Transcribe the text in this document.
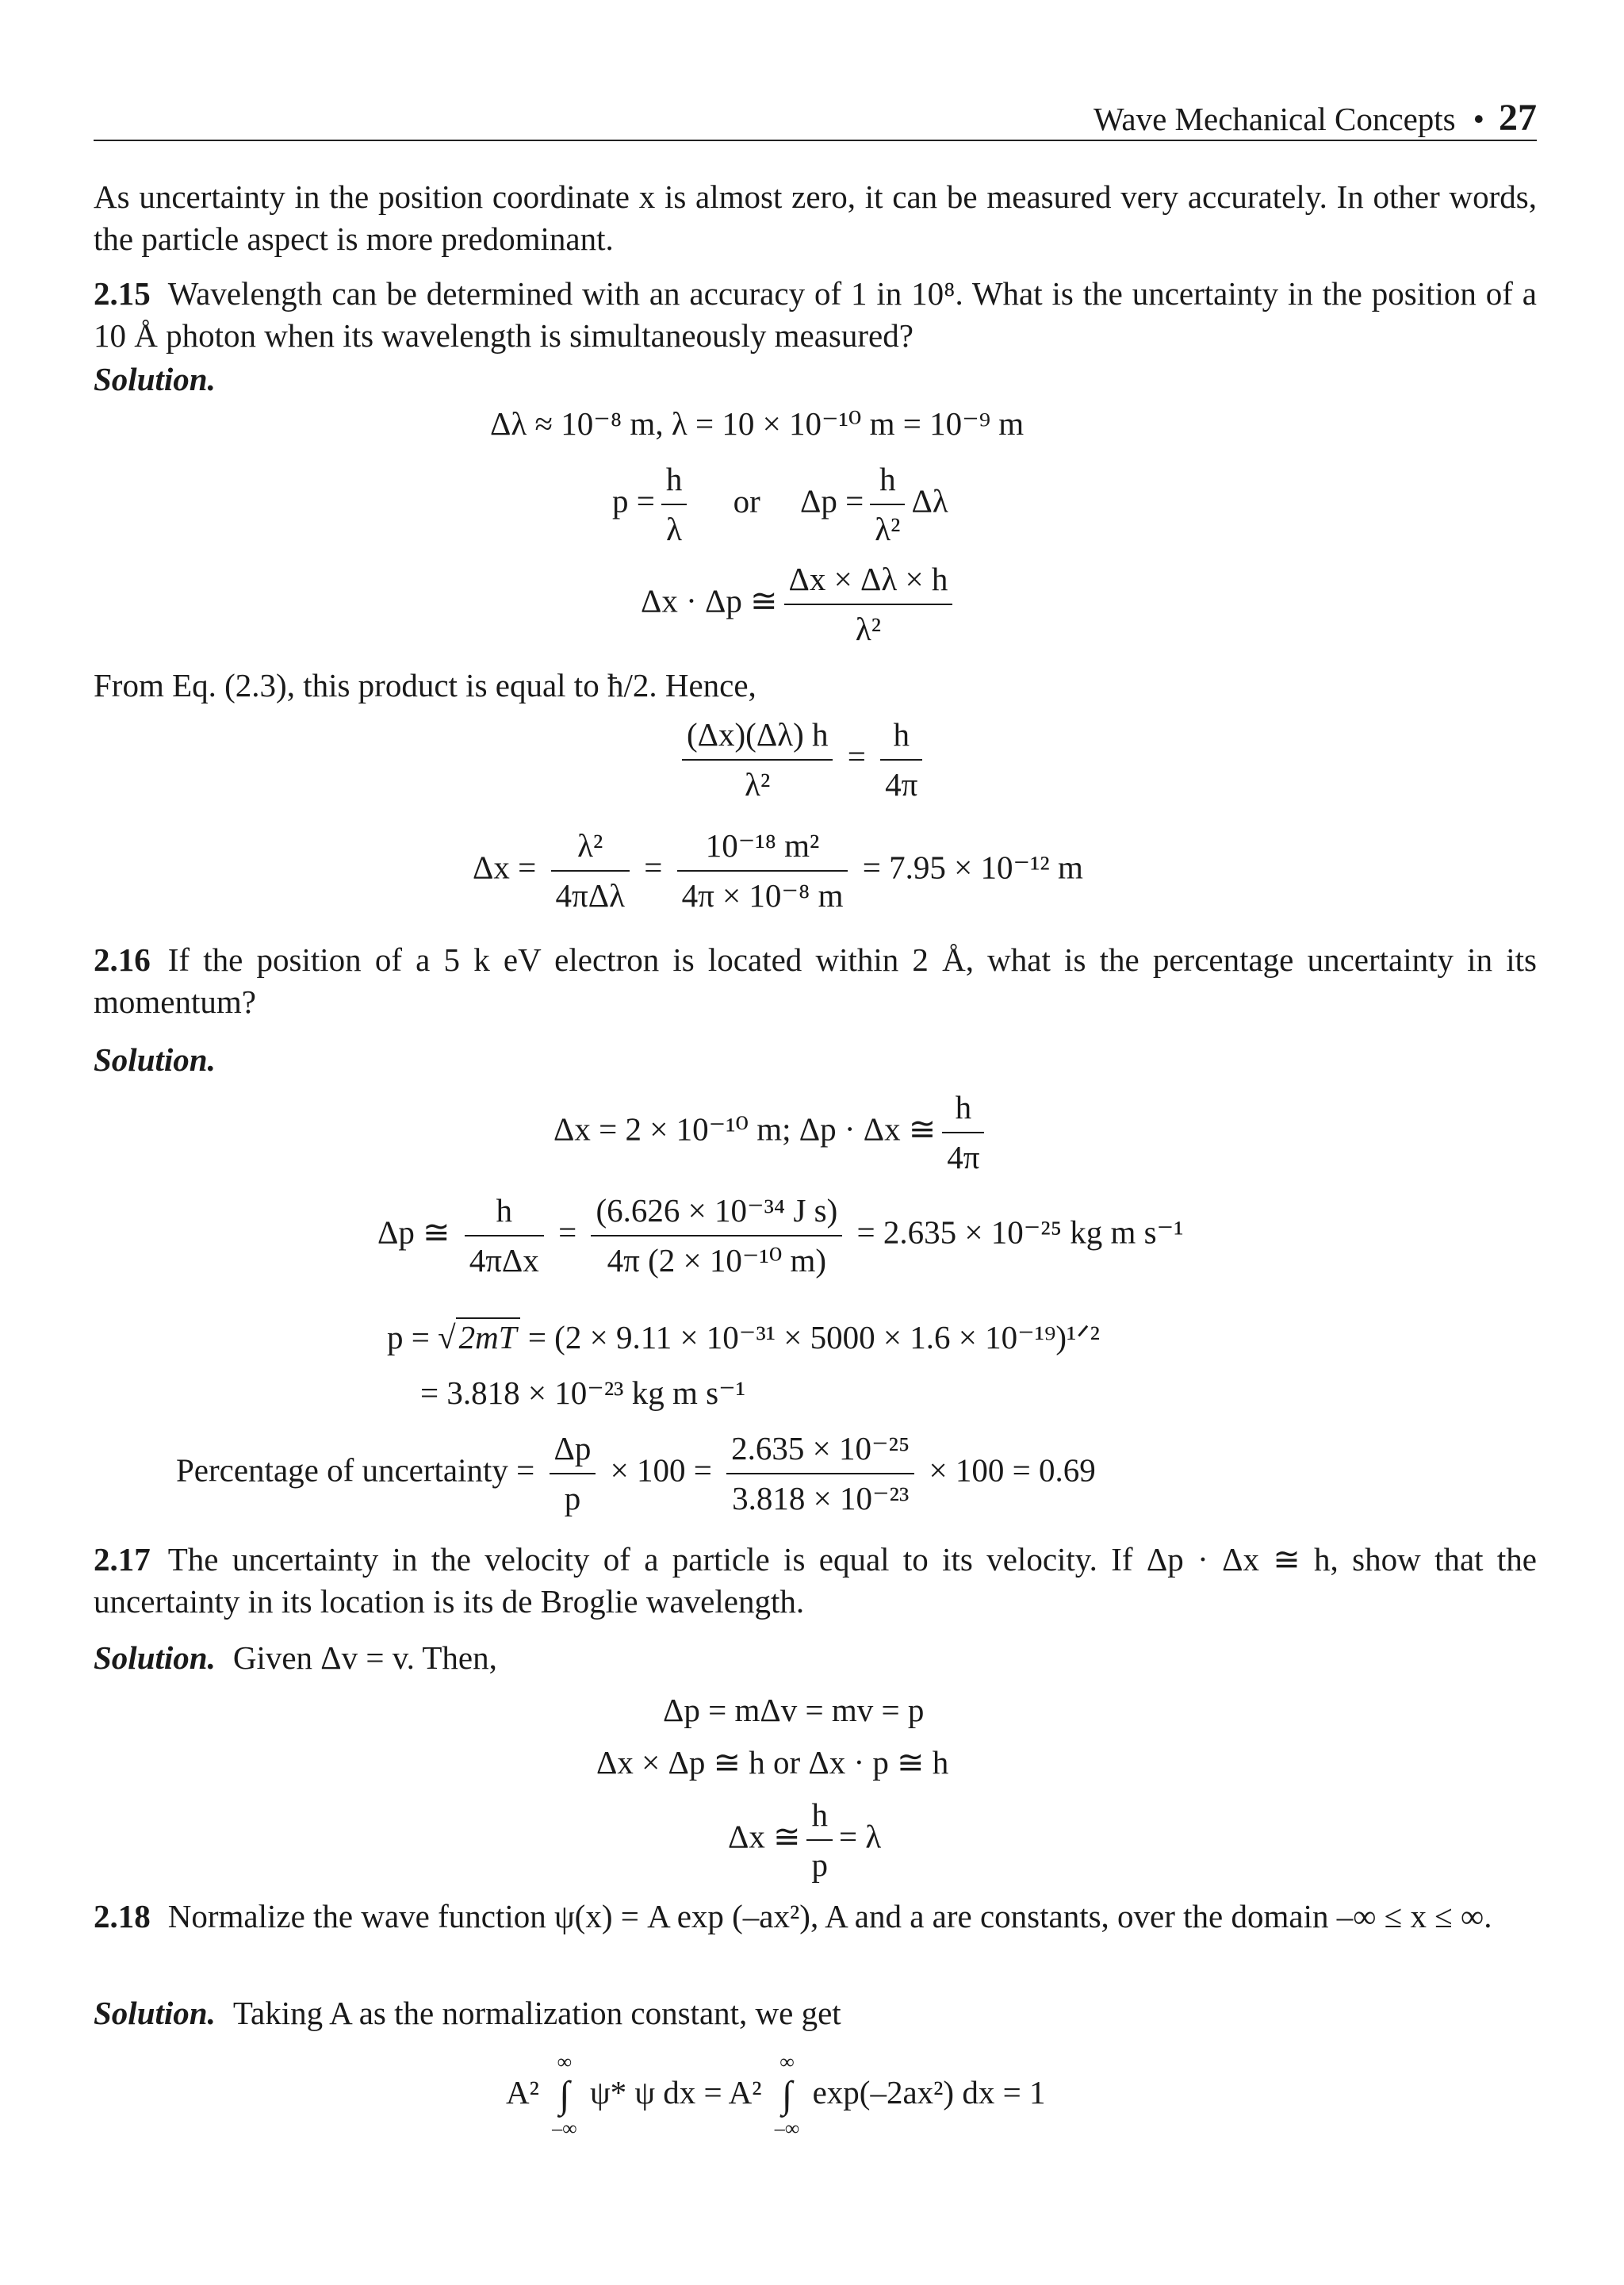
Wave Mechanical Concepts • 27

As uncertainty in the position coordinate x is almost zero, it can be measured very accurately. In other words, the particle aspect is more predominant.

2.15 Wavelength can be determined with an accuracy of 1 in 10⁸. What is the uncertainty in the position of a 10 Å photon when its wavelength is simultaneously measured?

Solution.
Δλ ≈ 10⁻⁸ m, λ = 10 × 10⁻¹⁰ m = 10⁻⁹ m
$p = \frac{h}{\lambda}$ or $\Delta p = \frac{h}{\text{λ²}}$ Δλ
Δx · Δp ≅ $\frac{\Delta x \times \Delta\lambda \times h}{\text{λ²}}$

From Eq. (2.3), this product is equal to ħ/2. Hence,

$\frac{(\Delta x)(\Delta\lambda) h}{\text{λ²}} = \frac{h}{4\pi}$
$\Delta x = \frac{\text{λ²}}{\text{4πΔλ}} = \frac{\text{10⁻¹⁸ m²}}{\text{4π × 10⁻⁸ m}} = 7.95 \times 10^{-12}$ m

2.16 If the position of a 5 k eV electron is located within 2 Å, what is the percentage uncertainty in its momentum?

Solution.
Δx = 2 × 10⁻¹⁰ m; Δp · Δx ≅ $\frac{h}{4\pi}$
Δp ≅ $\frac{h}{\text{4πΔx}} = \frac{\text{(6.626 × 10⁻³⁴ J s)}}{\text{4π (2 × 10⁻¹⁰ m)}} = 2.635 \times 10^{-25}$ kg m s⁻¹
p = √2mT = (2 × 9.11 × 10⁻³¹ × 5000 × 1.6 × 10⁻¹⁹)¹ᐟ²
= 3.818 × 10⁻²³ kg m s⁻¹
Percentage of uncertainty = $\frac{\Delta p}{p} \times 100 = \frac{\text{2.635 × 10⁻²⁵}}{\text{3.818 × 10⁻²³}} \times 100 = 0.69$

2.17 The uncertainty in the velocity of a particle is equal to its velocity. If Δp · Δx ≅ h, show that the uncertainty in its location is its de Broglie wavelength.

Solution. Given Δv = v. Then,
Δp = mΔv = mv = p
Δx × Δp ≅ h or Δx · p ≅ h
Δx ≅ $\frac{h}{p} = \lambda$

2.18 Normalize the wave function ψ(x) = A exp (–ax²), A and a are constants, over the domain –∞ ≤ x ≤ ∞.

Solution. Taking A as the normalization constant, we get
A² ∞
∫
–∞ ψ* ψ dx = A² ∞
∫
–∞ exp(–2ax²) dx = 1
